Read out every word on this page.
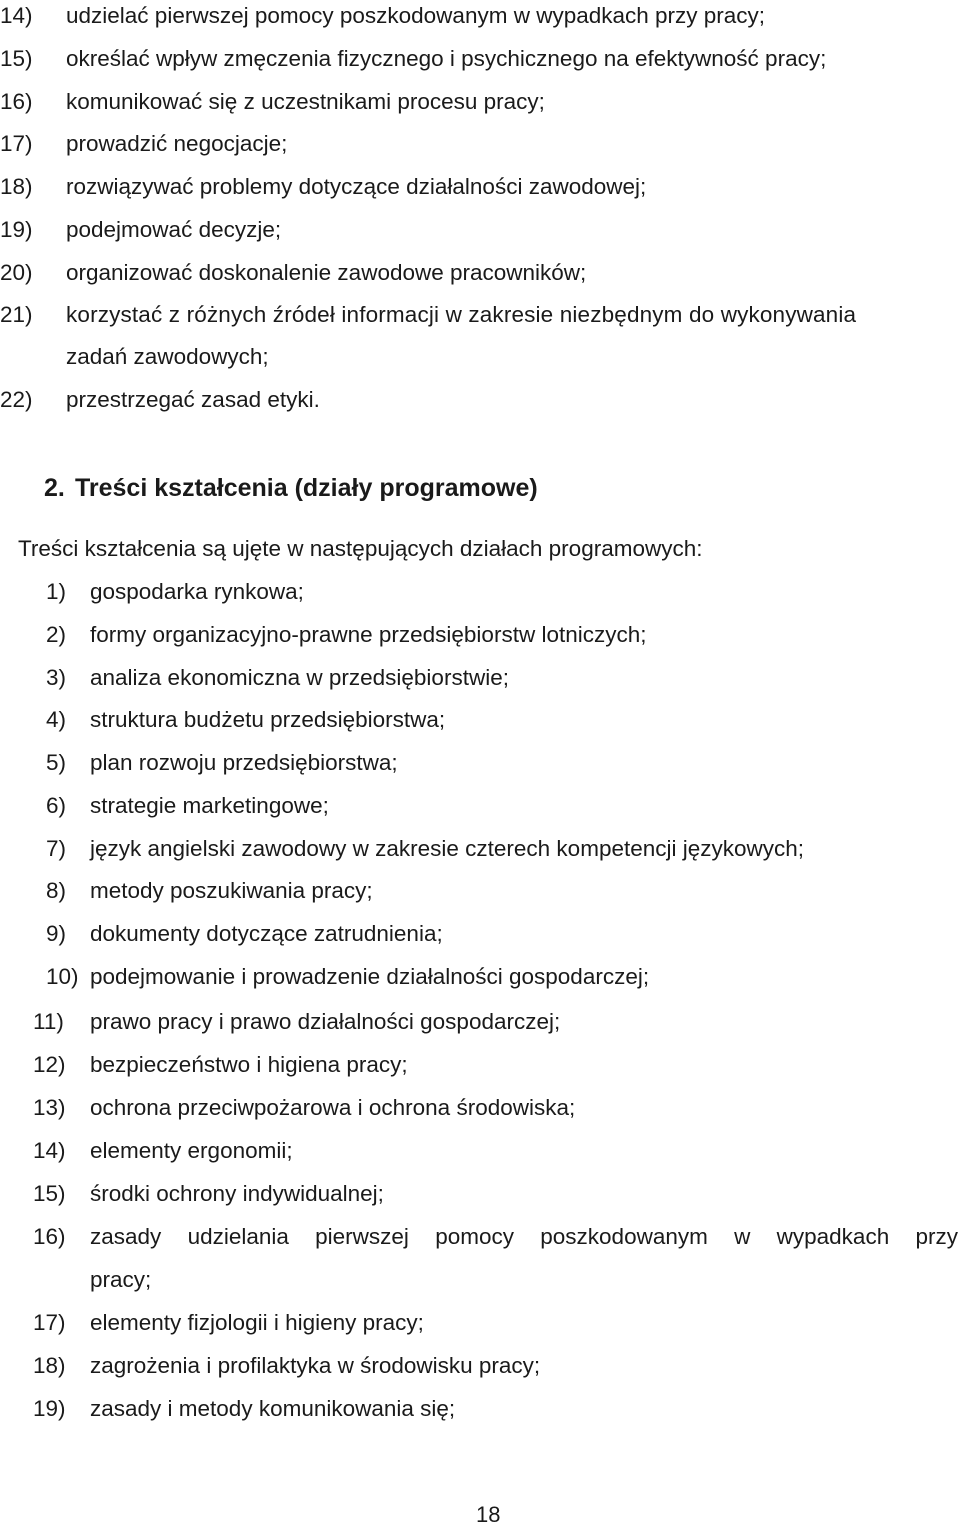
14) udzielać pierwszej pomocy poszkodowanym w wypadkach przy pracy;
15) określać wpływ zmęczenia fizycznego i psychicznego na efektywność pracy;
16) komunikować się z uczestnikami procesu pracy;
17) prowadzić negocjacje;
18) rozwiązywać problemy dotyczące działalności zawodowej;
19) podejmować decyzje;
20) organizować doskonalenie zawodowe pracowników;
21) korzystać z różnych źródeł informacji w zakresie niezbędnym do wykonywania
zadań zawodowych;
22) przestrzegać zasad etyki.
2. Treści kształcenia (działy programowe)
Treści kształcenia są ujęte w następujących działach programowych:
1) gospodarka rynkowa;
2) formy organizacyjno-prawne przedsiębiorstw lotniczych;
3) analiza ekonomiczna w przedsiębiorstwie;
4) struktura budżetu przedsiębiorstwa;
5) plan rozwoju przedsiębiorstwa;
6) strategie marketingowe;
7) język angielski zawodowy w zakresie czterech kompetencji językowych;
8) metody poszukiwania pracy;
9) dokumenty dotyczące zatrudnienia;
10) podejmowanie i prowadzenie działalności gospodarczej;
11) prawo pracy i prawo działalności gospodarczej;
12) bezpieczeństwo i higiena pracy;
13) ochrona przeciwpożarowa i ochrona środowiska;
14) elementy ergonomii;
15) środki ochrony indywidualnej;
16) zasady udzielania pierwszej pomocy poszkodowanym w wypadkach przy
pracy;
17) elementy fizjologii i higieny pracy;
18) zagrożenia i profilaktyka w środowisku pracy;
19) zasady i metody komunikowania się;
18
